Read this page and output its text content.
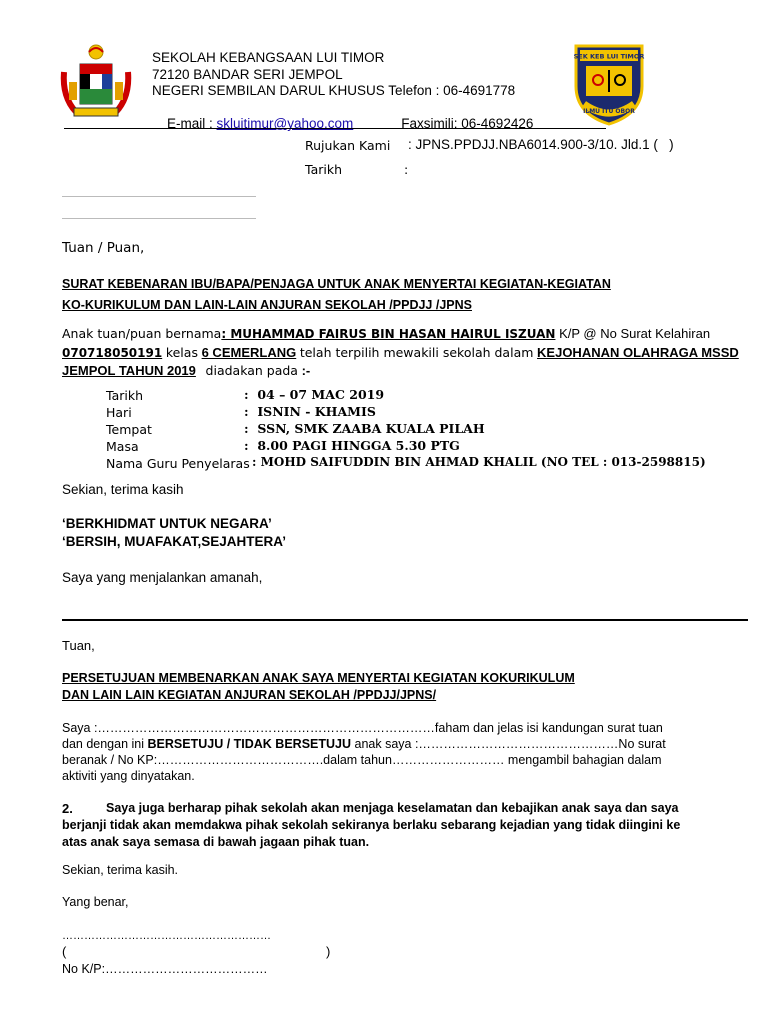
SEKOLAH KEBANGSAAN LUI TIMOR
72120 BANDAR SERI JEMPOL
NEGERI SEMBILAN DARUL KHUSUS Telefon : 06-4691778

E-mail : skluitimur@yahoo.com	Faxsimili: 06-4692426

SEK KEB LUI TIMOR
ILMU ITU OBOR
Rujukan Kami : JPNS.PPDJJ.NBA6014.900-3/10. Jld.1 (   )
Tarikh	:
Tuan / Puan,
SURAT KEBENARAN IBU/BAPA/PENJAGA UNTUK ANAK MENYERTAI KEGIATAN-KEGIATAN
KO-KURIKULUM DAN LAIN-LAIN ANJURAN SEKOLAH /PPDJJ /JPNS
Anak tuan/puan bernama: MUHAMMAD FAIRUS BIN HASAN HAIRUL ISZUAN K/P @ No Surat Kelahiran
070718050191 kelas 6 CEMERLANG telah terpilih mewakili sekolah dalam KEJOHANAN OLAHRAGA MSSD
JEMPOL TAHUN 2019 diadakan pada :-
Tarikh	:  04 – 07 MAC 2019
Hari	:  ISNIN - KHAMIS
Tempat	:  SSN, SMK ZAABA KUALA PILAH
Masa	:  8.00 PAGI HINGGA 5.30 PTG
Nama Guru Penyelaras : MOHD SAIFUDDIN BIN AHMAD KHALIL (NO TEL : 013-2598815)
Sekian, terima kasih
‘BERKHIDMAT UNTUK NEGARA’
‘BERSIH, MUAFAKAT,SEJAHTERA’
Saya yang menjalankan amanah,
Tuan,
PERSETUJUAN MEMBENARKAN ANAK SAYA MENYERTAI KEGIATAN KOKURIKULUM
DAN LAIN LAIN KEGIATAN ANJURAN SEKOLAH /PPDJJ/JPNS/
Saya :………………………………………………………………………faham dan jelas isi kandungan surat tuan
dan dengan ini BERSETUJU / TIDAK BERSETUJU anak saya :…………………………………………No surat
beranak / No KP:………………………………….dalam tahun……………………… mengambil bahagian dalam
aktiviti yang dinyatakan.
2.	Saya juga berharap pihak sekolah akan menjaga keselamatan dan kebajikan anak saya dan saya
berjanji tidak akan memdakwa pihak sekolah sekiranya berlaku sebarang kejadian yang tidak diingini ke
atas anak saya semasa di bawah jagaan pihak tuan.
Sekian, terima kasih.
Yang benar,
…………………………………………………
(	)
No K/P:…………………………………
